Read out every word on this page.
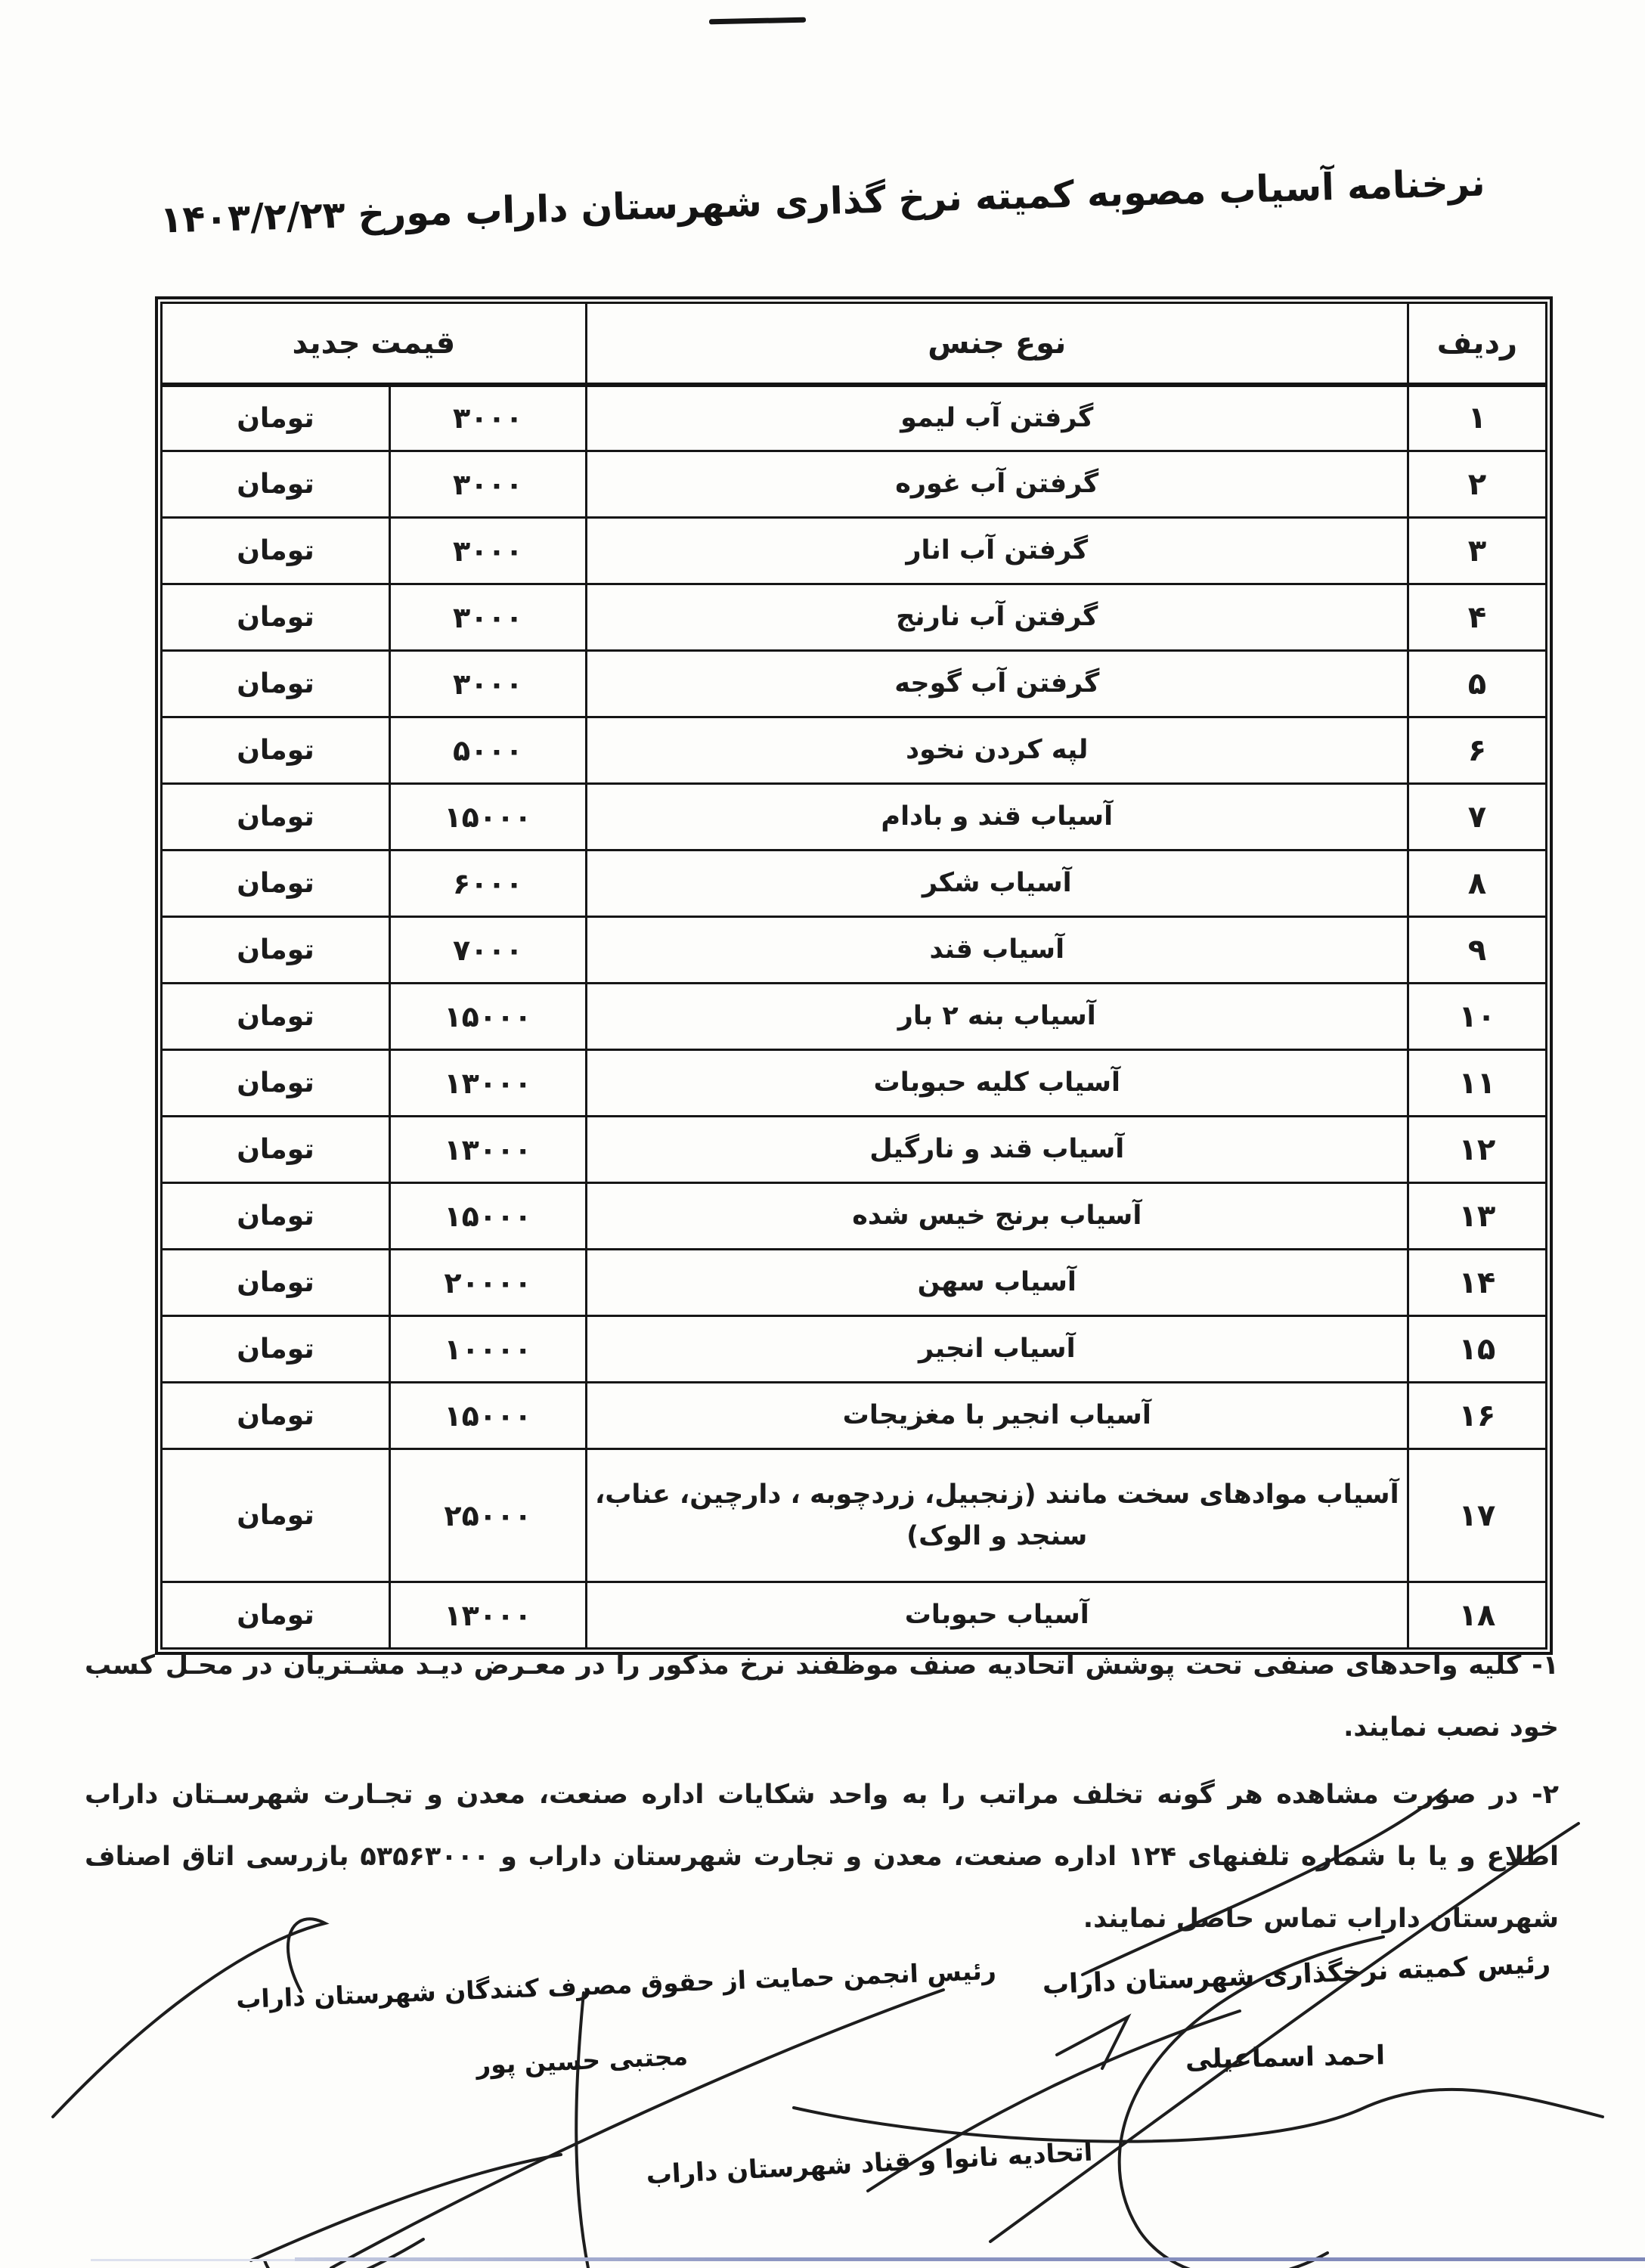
نرخنامه آسیاب مصوبه کمیته نرخ گذاری شهرستان داراب مورخ ۱۴۰۳/۲/۲۳
ردیف	نوع جنس	قیمت جدید	
۱	گرفتن آب لیمو	۳۰۰۰	تومان
۲	گرفتن آب غوره	۳۰۰۰	تومان
۳	گرفتن آب انار	۳۰۰۰	تومان
۴	گرفتن آب نارنج	۳۰۰۰	تومان
۵	گرفتن آب گوجه	۳۰۰۰	تومان
۶	لپه کردن نخود	۵۰۰۰	تومان
۷	آسیاب قند و بادام	۱۵۰۰۰	تومان
۸	آسیاب شکر	۶۰۰۰	تومان
۹	آسیاب قند	۷۰۰۰	تومان
۱۰	آسیاب بنه ۲ بار	۱۵۰۰۰	تومان
۱۱	آسیاب کلیه حبوبات	۱۳۰۰۰	تومان
۱۲	آسیاب قند و نارگیل	۱۳۰۰۰	تومان
۱۳	آسیاب برنج خیس شده	۱۵۰۰۰	تومان
۱۴	آسیاب سهن	۲۰۰۰۰	تومان
۱۵	آسیاب انجیر	۱۰۰۰۰	تومان
۱۶	آسیاب انجیر با مغزیجات	۱۵۰۰۰	تومان
۱۷	آسیاب موادهای سخت مانند (زنجبیل، زردچوبه ، دارچین، عناب، سنجد و الوک)	۲۵۰۰۰	تومان
۱۸	آسیاب حبوبات	۱۳۰۰۰	تومان

۱- کلیه واحدهای صنفی تحت پوشش اتحادیه صنف موظفند نرخ مذکور را در معـرض دیـد مشـتریان در محـل کسب خود نصب نمایند.

۲- در صورت مشاهده هر گونه تخلف مراتب را به واحد شکایات اداره صنعت، معدن و تجـارت شهرسـتان داراب اطلاع و یا با شماره تلفنهای ۱۲۴ اداره صنعت، معدن و تجارت شهرستان داراب و ۵۳۵۶۳۰۰۰ بازرسی اتاق اصناف شهرستان داراب تماس حاصل نمایند.

رئیس کمیته نرخگذاری شهرستان داراب
احمد اسماعیلی
رئیس انجمن حمایت از حقوق مصرف کنندگان شهرستان داراب
مجتبی حسین پور
اتحادیه نانوا و قناد شهرستان داراب
